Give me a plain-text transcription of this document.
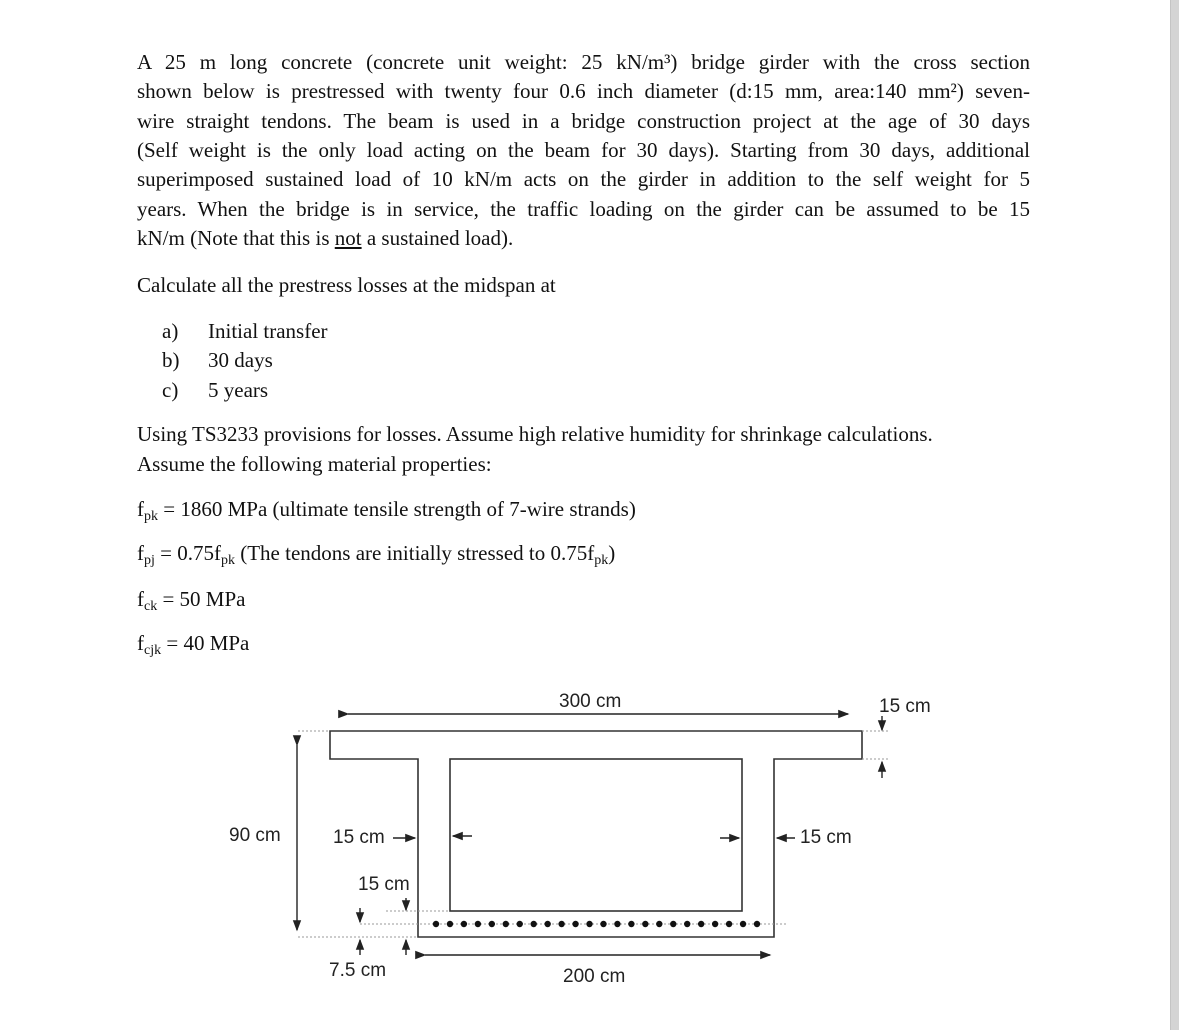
A 25 m long concrete (concrete unit weight: 25 kN/m³) bridge girder with the cross section
shown below is prestressed with twenty four 0.6 inch diameter (d:15 mm, area:140 mm²) seven-
wire straight tendons. The beam is used in a bridge construction project at the age of 30 days
(Self weight is the only load acting on the beam for 30 days). Starting from 30 days, additional
superimposed sustained load of 10 kN/m acts on the girder in addition to the self weight for 5
years. When the bridge is in service, the traffic loading on the girder can be assumed to be 15
kN/m (Note that this is not a sustained load).
Calculate all the prestress losses at the midspan at
a) Initial transfer
b) 30 days
c) 5 years
Using TS3233 provisions for losses. Assume high relative humidity for shrinkage calculations.
Assume the following material properties:
$f_{pk} = 1860$ MPa (ultimate tensile strength of 7-wire strands)
$f_{pj} = 0.75f_{pk}$ (The tendons are initially stressed to $0.75f_{pk}$)
$f_{ck} = 50$ MPa
$f_{cjk} = 40$ MPa
300 cm	15 cm
90 cm	15 cm	15 cm
15 cm
7.5 cm	200 cm
